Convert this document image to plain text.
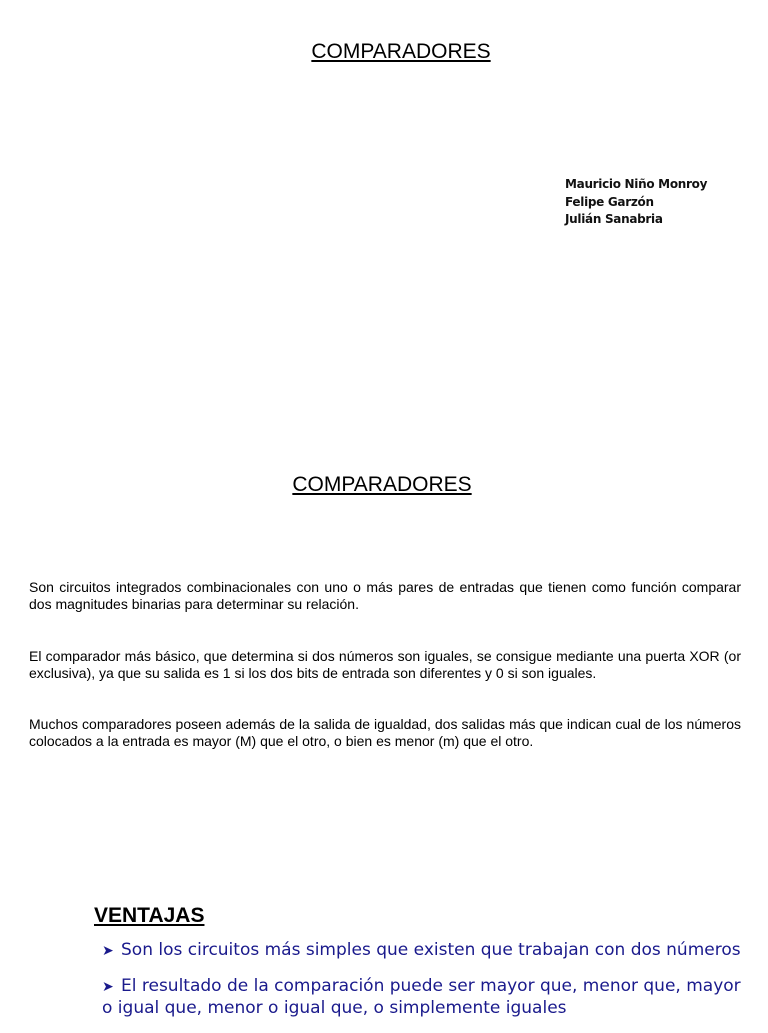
COMPARADORES
Mauricio Niño Monroy
Felipe Garzón
Julián Sanabria
COMPARADORES

Son circuitos integrados combinacionales con uno o más pares de entradas que tienen como función comparar dos magnitudes binarias para determinar su relación.

El comparador más básico, que determina si dos números son iguales, se consigue mediante una puerta XOR (or exclusiva), ya que su salida es 1 si los dos bits de entrada son diferentes y 0 si son iguales.

Muchos comparadores poseen además de la salida de igualdad, dos salidas más que indican cual de los números colocados a la entrada es mayor (M) que el otro, o bien es menor (m) que el otro.

VENTAJAS
➤ Son los circuitos más simples que existen que trabajan con dos números
➤ El resultado de la comparación puede ser mayor que, menor que, mayor o igual que, menor o igual que, o simplemente iguales
